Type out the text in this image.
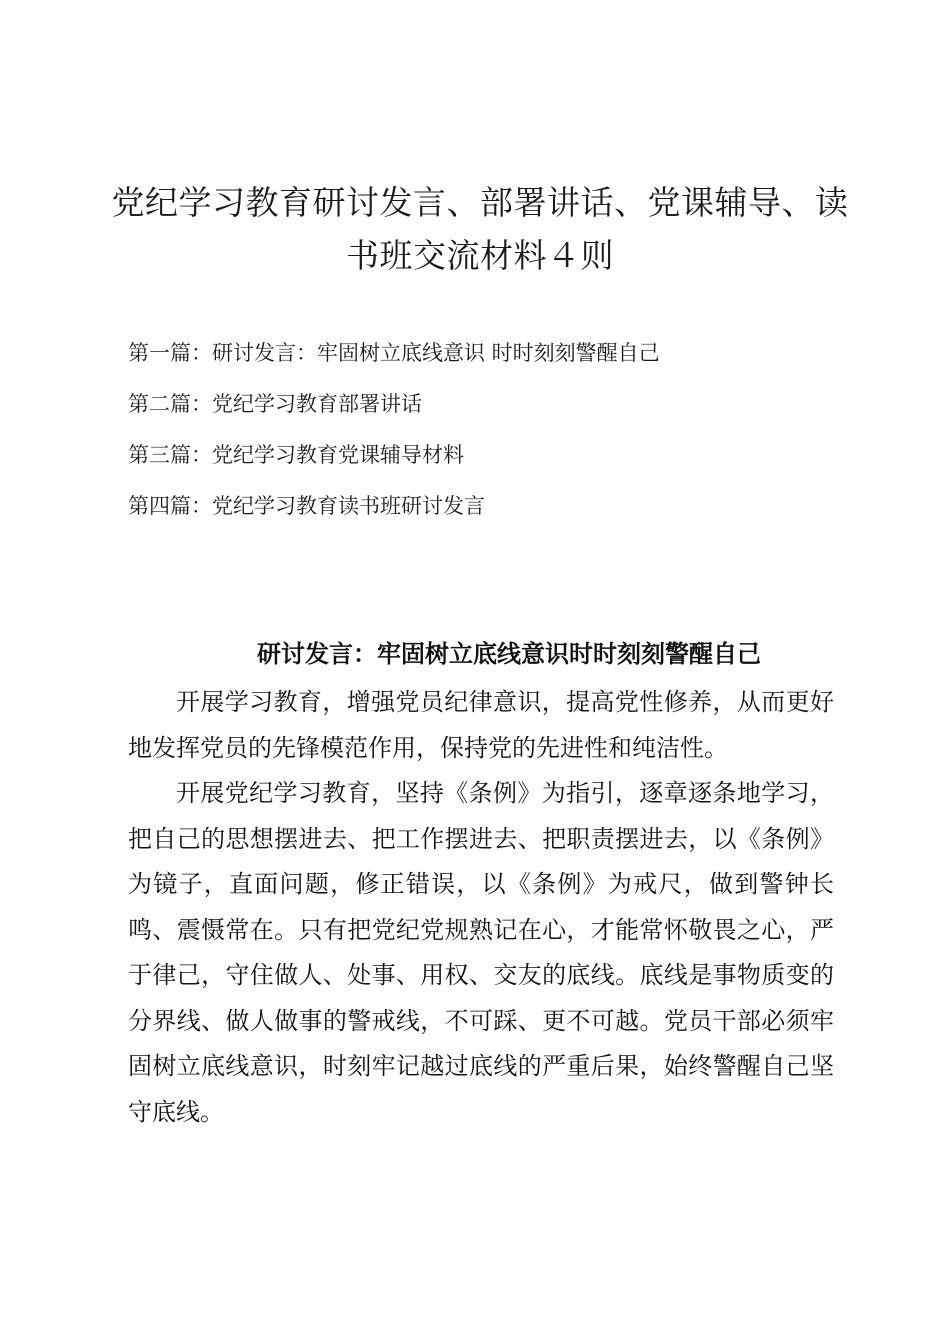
党纪学习教育研讨发言、部署讲话、党课辅导、读书班交流材料４则
第一篇：研讨发言：牢固树立底线意识 时时刻刻警醒自己
第二篇：党纪学习教育部署讲话
第三篇：党纪学习教育党课辅导材料
第四篇：党纪学习教育读书班研讨发言
研讨发言：牢固树立底线意识时时刻刻警醒自己

开展学习教育，增强党员纪律意识，提高党性修养，从而更好地发挥党员的先锋模范作用，保持党的先进性和纯洁性。

开展党纪学习教育，坚持《条例》为指引，逐章逐条地学习，把自己的思想摆进去、把工作摆进去、把职责摆进去，以《条例》为镜子，直面问题，修正错误，以《条例》为戒尺，做到警钟长鸣、震慑常在。只有把党纪党规熟记在心，才能常怀敬畏之心，严于律己，守住做人、处事、用权、交友的底线。底线是事物质变的分界线、做人做事的警戒线，不可踩、更不可越。党员干部必须牢固树立底线意识，时刻牢记越过底线的严重后果，始终警醒自己坚守底线。
